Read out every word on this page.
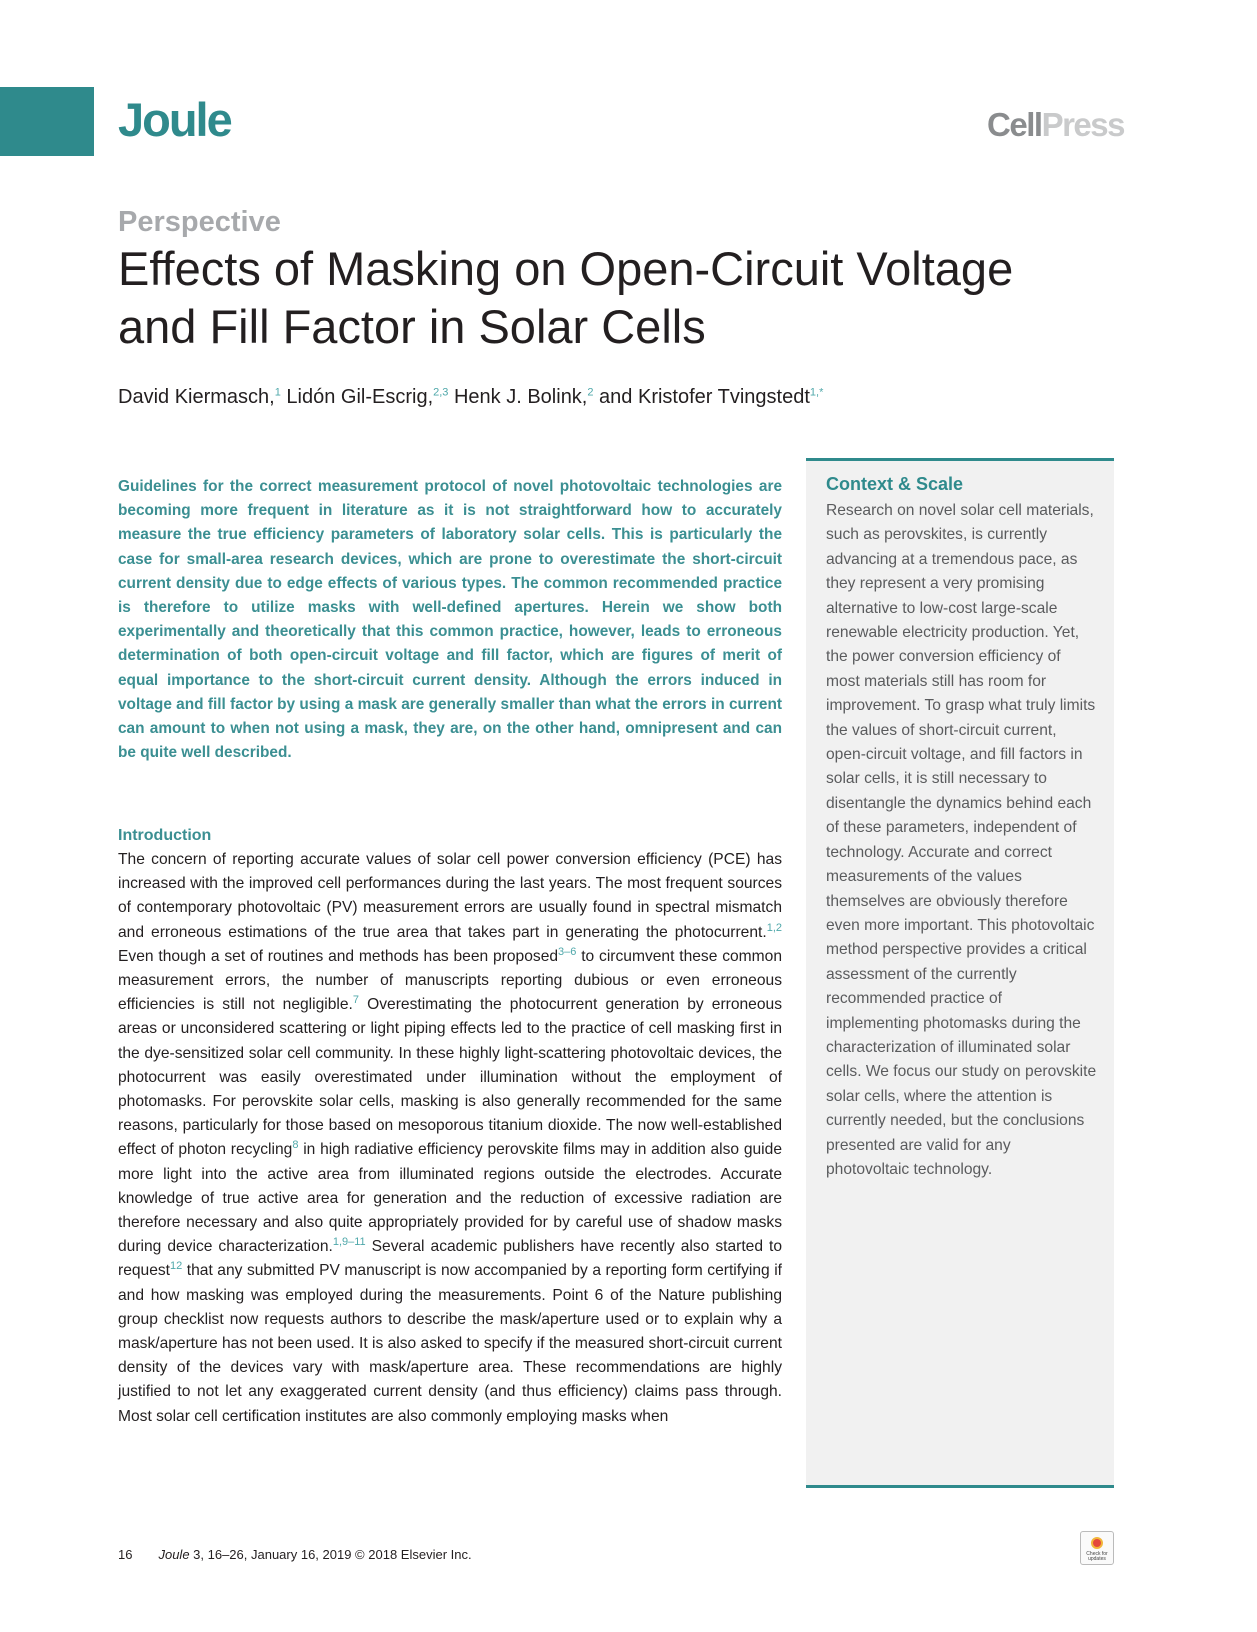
Joule	CellPress
Perspective
Effects of Masking on Open-Circuit Voltage and Fill Factor in Solar Cells
David Kiermasch,$^1$ Lidón Gil-Escrig,$^{2,3}$ Henk J. Bolink,$^2$ and Kristofer Tvingstedt$^{1,*}$

Guidelines for the correct measurement protocol of novel photovoltaic technologies are becoming more frequent in literature as it is not straightforward how to accurately measure the true efficiency parameters of laboratory solar cells. This is particularly the case for small-area research devices, which are prone to overestimate the short-circuit current density due to edge effects of various types. The common recommended practice is therefore to utilize masks with well-defined apertures. Herein we show both experimentally and theoretically that this common practice, however, leads to erroneous determination of both open-circuit voltage and fill factor, which are figures of merit of equal importance to the short-circuit current density. Although the errors induced in voltage and fill factor by using a mask are generally smaller than what the errors in current can amount to when not using a mask, they are, on the other hand, omnipresent and can be quite well described.

Introduction

The concern of reporting accurate values of solar cell power conversion efficiency (PCE) has increased with the improved cell performances during the last years. The most frequent sources of contemporary photovoltaic (PV) measurement errors are usually found in spectral mismatch and erroneous estimations of the true area that takes part in generating the photocurrent.$^{1,2}$ Even though a set of routines and methods has been proposed$^{3-6}$ to circumvent these common measurement errors, the number of manuscripts reporting dubious or even erroneous efficiencies is still not negligible.$^7$ Overestimating the photocurrent generation by erroneous areas or unconsidered scattering or light piping effects led to the practice of cell masking first in the dye-sensitized solar cell community. In these highly light-scattering photovoltaic devices, the photocurrent was easily overestimated under illumination without the employment of photomasks. For perovskite solar cells, masking is also generally recommended for the same reasons, particularly for those based on mesoporous titanium dioxide. The now well-established effect of photon recycling$^8$ in high radiative efficiency perovskite films may in addition also guide more light into the active area from illuminated regions outside the electrodes. Accurate knowledge of true active area for generation and the reduction of excessive radiation are therefore necessary and also quite appropriately provided for by careful use of shadow masks during device characterization.$^{1,9-11}$ Several academic publishers have recently also started to request$^{12}$ that any submitted PV manuscript is now accompanied by a reporting form certifying if and how masking was employed during the measurements. Point 6 of the Nature publishing group checklist now requests authors to describe the mask/aperture used or to explain why a mask/aperture has not been used. It is also asked to specify if the measured short-circuit current density of the devices vary with mask/aperture area. These recommendations are highly justified to not let any exaggerated current density (and thus efficiency) claims pass through. Most solar cell certification institutes are also commonly employing masks when

Context & Scale

Research on novel solar cell materials, such as perovskites, is currently advancing at a tremendous pace, as they represent a very promising alternative to low-cost large-scale renewable electricity production. Yet, the power conversion efficiency of most materials still has room for improvement. To grasp what truly limits the values of short-circuit current, open-circuit voltage, and fill factors in solar cells, it is still necessary to disentangle the dynamics behind each of these parameters, independent of technology. Accurate and correct measurements of the values themselves are obviously therefore even more important. This photovoltaic method perspective provides a critical assessment of the currently recommended practice of implementing photomasks during the characterization of illuminated solar cells. We focus our study on perovskite solar cells, where the attention is currently needed, but the conclusions presented are valid for any photovoltaic technology.

16 Joule 3, 16–26, January 16, 2019 © 2018 Elsevier Inc.	Check for updates
